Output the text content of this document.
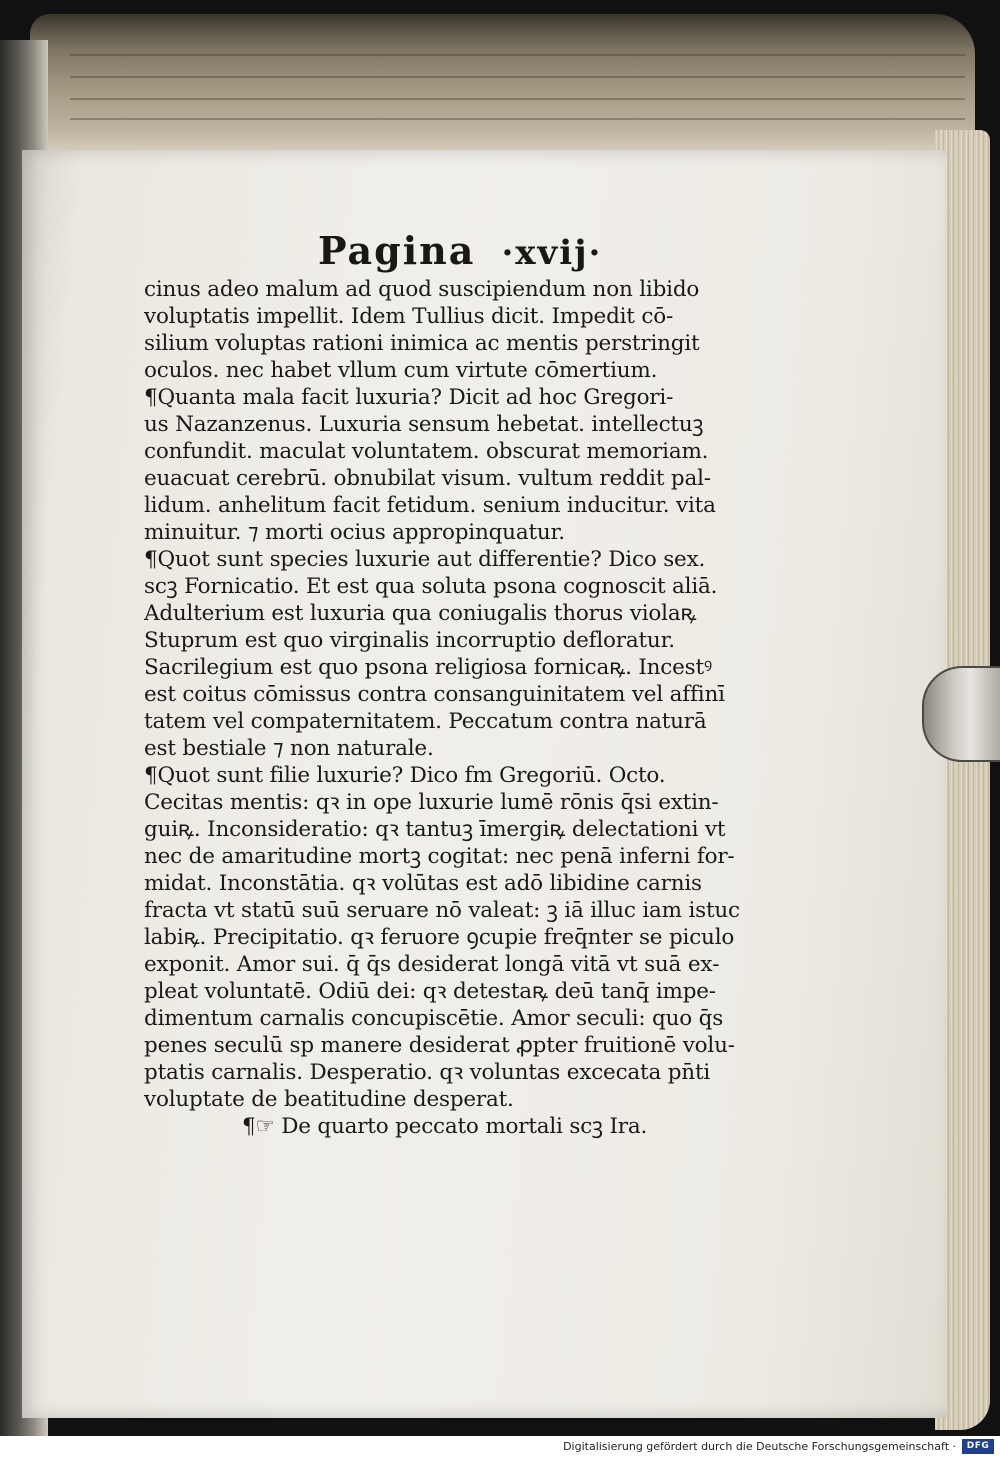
Pagina ·xvij·
cinus adeo malum ad quod suscipiendum non libido
voluptatis impellit. Idem Tullius dicit. Impedit cō‑
silium voluptas rationi inimica ac mentis perstringit
oculos. nec habet vllum cum virtute cōmertium.
¶Quanta mala facit luxuria? Dicit ad hoc Gregori‑
us Nazanzenus. Luxuria sensum hebetat. intellectuꝫ
confundit. maculat voluntatem. obscurat memoriam.
euacuat cerebrū. obnubilat visum. vultum reddit pal‑
lidum. anhelitum facit fetidum. senium inducitur. vita
minuitur. ⁊ morti ocius appropinquatur.
¶Quot sunt species luxurie aut differentie? Dico sex.
scꝫ Fornicatio. Et est qua soluta psona cognoscit aliā.
Adulterium est luxuria qua coniugalis thorus violaꝶ
Stuprum est quo virginalis incorruptio defloratur.
Sacrilegium est quo psona religiosa fornicaꝶ. Incestꝰ
est coitus cōmissus contra consanguinitatem vel affinī
tatem vel compaternitatem. Peccatum contra naturā
est bestiale ⁊ non naturale.
¶Quot sunt filie luxurie? Dico fm Gregoriū. Octo.
Cecitas mentis: qꝛ in ope luxurie lumē rōnis q̄si extin‑
guiꝶ. Inconsideratio: qꝛ tantuꝫ īmergiꝶ delectationi vt
nec de amaritudine mortꝫ cogitat: nec penā inferni for‑
midat. Inconstātia. qꝛ volūtas est adō libidine carnis
fracta vt statū suū seruare nō valeat: ꝫ iā illuc iam istuc
labiꝶ. Precipitatio. qꝛ feruore ꝯcupie freq̄nter se piculo
exponit. Amor sui. q̄ q̄s desiderat longā vitā vt suā ex‑
pleat voluntatē. Odiū dei: qꝛ detestaꝶ deū tanq̄ impe‑
dimentum carnalis concupiscētie. Amor seculi: quo q̄s
penes seculū sp manere desiderat ꝓpter fruitionē volu‑
ptatis carnalis. Desperatio. qꝛ voluntas excecata pn̄ti
voluptate de beatitudine desperat.
¶☞ De quarto peccato mortali scꝫ Ira.
Digitalisierung gefördert durch die Deutsche Forschungsgemeinschaft ·	DFG
